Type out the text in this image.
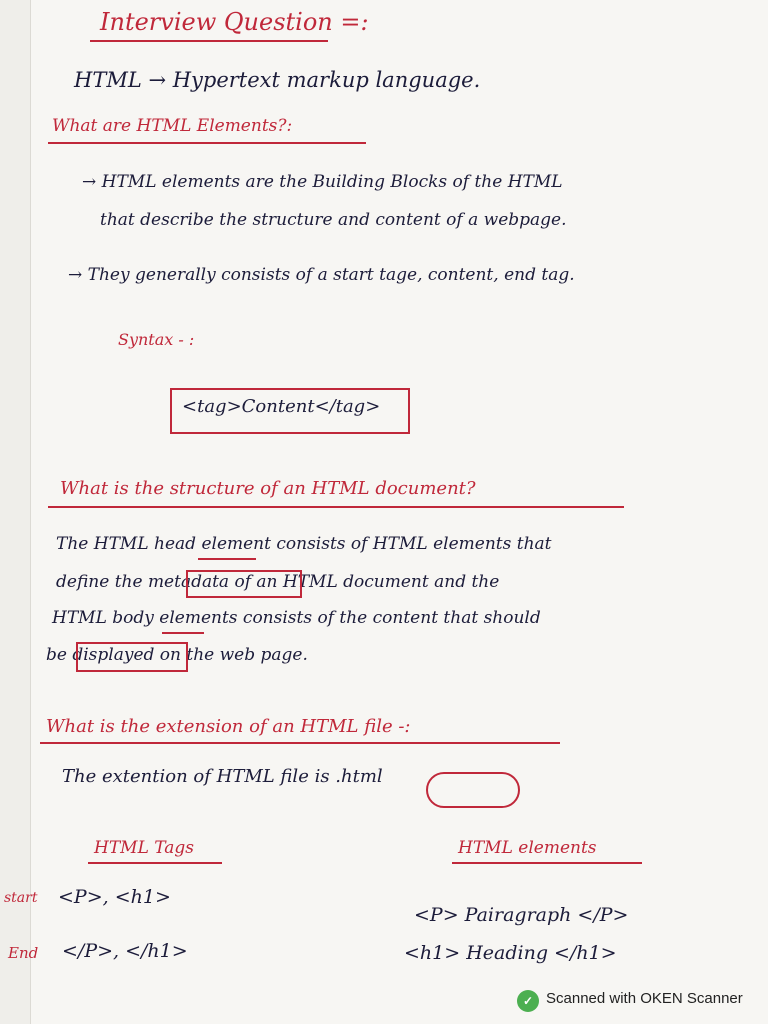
Interview Question =:
HTML → Hypertext markup language.
What are HTML Elements?:
→ HTML elements are the Building Blocks of the HTML
that describe the structure and content of a webpage.
→ They generally consists of a start tage, content, end tag.
Syntax - :
<tag>Content</tag>
What is the structure of an HTML document?
The HTML head element consists of HTML elements that
define the metadata of an HTML document and the
HTML body elements consists of the content that should
be displayed on the web page.
What is the extension of an HTML file -:
The extention of HTML file is .html
HTML Tags	HTML elements
start <P>, <h1>
End </P>, </h1>
<P> Pairagraph </P>
<h1> Heading </h1>
✓ Scanned with OKEN Scanner
